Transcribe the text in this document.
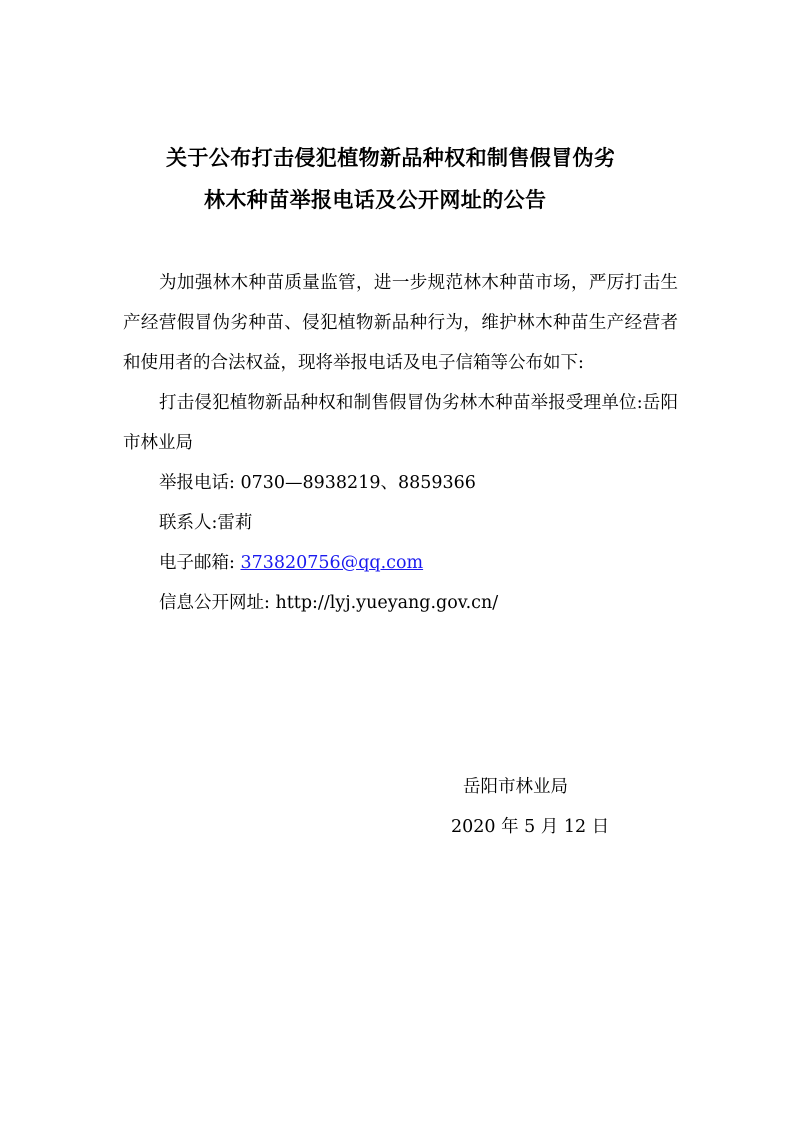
关于公布打击侵犯植物新品种权和制售假冒伪劣
林木种苗举报电话及公开网址的公告

为加强林木种苗质量监管，进一步规范林木种苗市场，严厉打击生产经营假冒伪劣种苗、侵犯植物新品种行为，维护林木种苗生产经营者和使用者的合法权益，现将举报电话及电子信箱等公布如下:

打击侵犯植物新品种权和制售假冒伪劣林木种苗举报受理单位:岳阳市林业局

举报电话: 0730—8938219、8859366

联系人:雷莉

电子邮箱: 373820756@qq.com

信息公开网址: http://lyj.yueyang.gov.cn/

岳阳市林业局
2020 年 5 月 12 日
